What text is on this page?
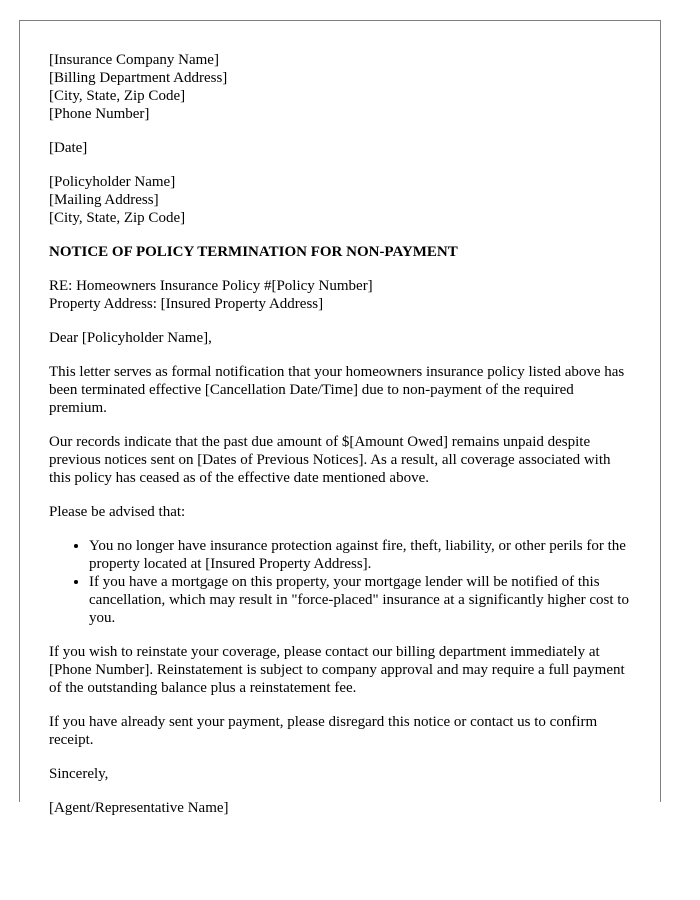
[Insurance Company Name]
[Billing Department Address]
[City, State, Zip Code]
[Phone Number]

[Date]

[Policyholder Name]
[Mailing Address]
[City, State, Zip Code]

NOTICE OF POLICY TERMINATION FOR NON-PAYMENT

RE: Homeowners Insurance Policy #[Policy Number]
Property Address: [Insured Property Address]

Dear [Policyholder Name],

This letter serves as formal notification that your homeowners insurance policy listed above has been terminated effective [Cancellation Date/Time] due to non-payment of the required premium.

Our records indicate that the past due amount of $[Amount Owed] remains unpaid despite previous notices sent on [Dates of Previous Notices]. As a result, all coverage associated with this policy has ceased as of the effective date mentioned above.

Please be advised that:

• You no longer have insurance protection against fire, theft, liability, or other perils for the property located at [Insured Property Address].
• If you have a mortgage on this property, your mortgage lender will be notified of this cancellation, which may result in "force-placed" insurance at a significantly higher cost to you.

If you wish to reinstate your coverage, please contact our billing department immediately at [Phone Number]. Reinstatement is subject to company approval and may require a full payment of the outstanding balance plus a reinstatement fee.

If you have already sent your payment, please disregard this notice or contact us to confirm receipt.

Sincerely,

[Agent/Representative Name]
